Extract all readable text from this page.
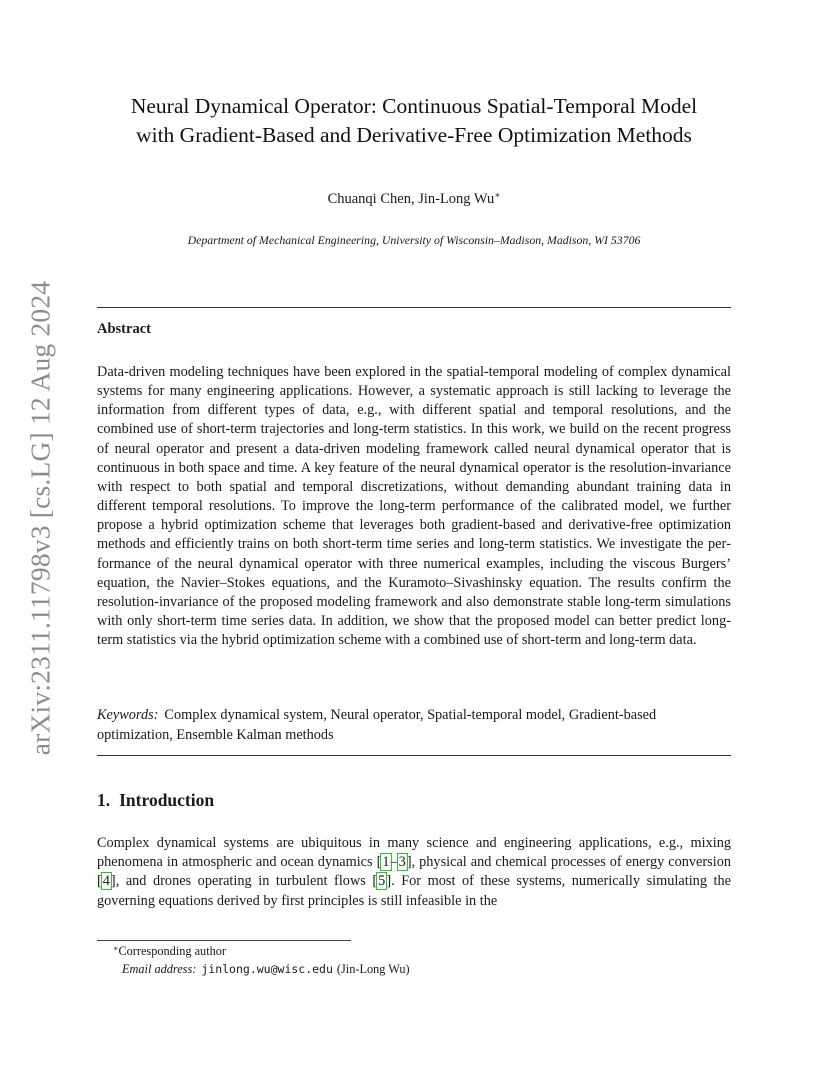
arXiv:2311.11798v3 [cs.LG] 12 Aug 2024
Neural Dynamical Operator: Continuous Spatial-Temporal Model
with Gradient-Based and Derivative-Free Optimization Methods
Chuanqi Chen, Jin-Long Wu∗
Department of Mechanical Engineering, University of Wisconsin–Madison, Madison, WI 53706
Abstract

Data-driven modeling techniques have been explored in the spatial-temporal modeling of complex dynamical systems for many engineering applications. However, a systematic approach is still lacking to leverage the information from different types of data, e.g., with different spatial and temporal resolutions, and the combined use of short-term trajectories and long-term statistics. In this work, we build on the recent progress of neural operator and present a data-driven modeling framework called neural dynamical operator that is continuous in both space and time. A key feature of the neural dynamical operator is the resolution-invariance with respect to both spatial and temporal discretizations, without demanding abundant training data in different temporal resolutions. To improve the long-term performance of the calibrated model, we further propose a hybrid optimization scheme that leverages both gradient-based and derivative-free optimization methods and efficiently trains on both short-term time series and long-term statistics. We investigate the performance of the neural dynamical operator with three numerical examples, including the viscous Burgers’ equation, the Navier–Stokes equations, and the Kuramoto–Sivashinsky equation. The results confirm the resolution-invariance of the proposed modeling framework and also demonstrate stable long-term simulations with only short-term time series data. In addition, we show that the proposed model can better predict long-term statistics via the hybrid optimization scheme with a combined use of short-term and long-term data.

Keywords: Complex dynamical system, Neural operator, Spatial-temporal model, Gradient-based optimization, Ensemble Kalman methods

1. Introduction

Complex dynamical systems are ubiquitous in many science and engineering applications, e.g., mixing phenomena in atmospheric and ocean dynamics [1–3], physical and chemical processes of energy conversion [4], and drones operating in turbulent flows [5]. For most of these systems, numerically simulating the governing equations derived by first principles is still infeasible in the

∗Corresponding author
Email address: jinlong.wu@wisc.edu (Jin-Long Wu)
